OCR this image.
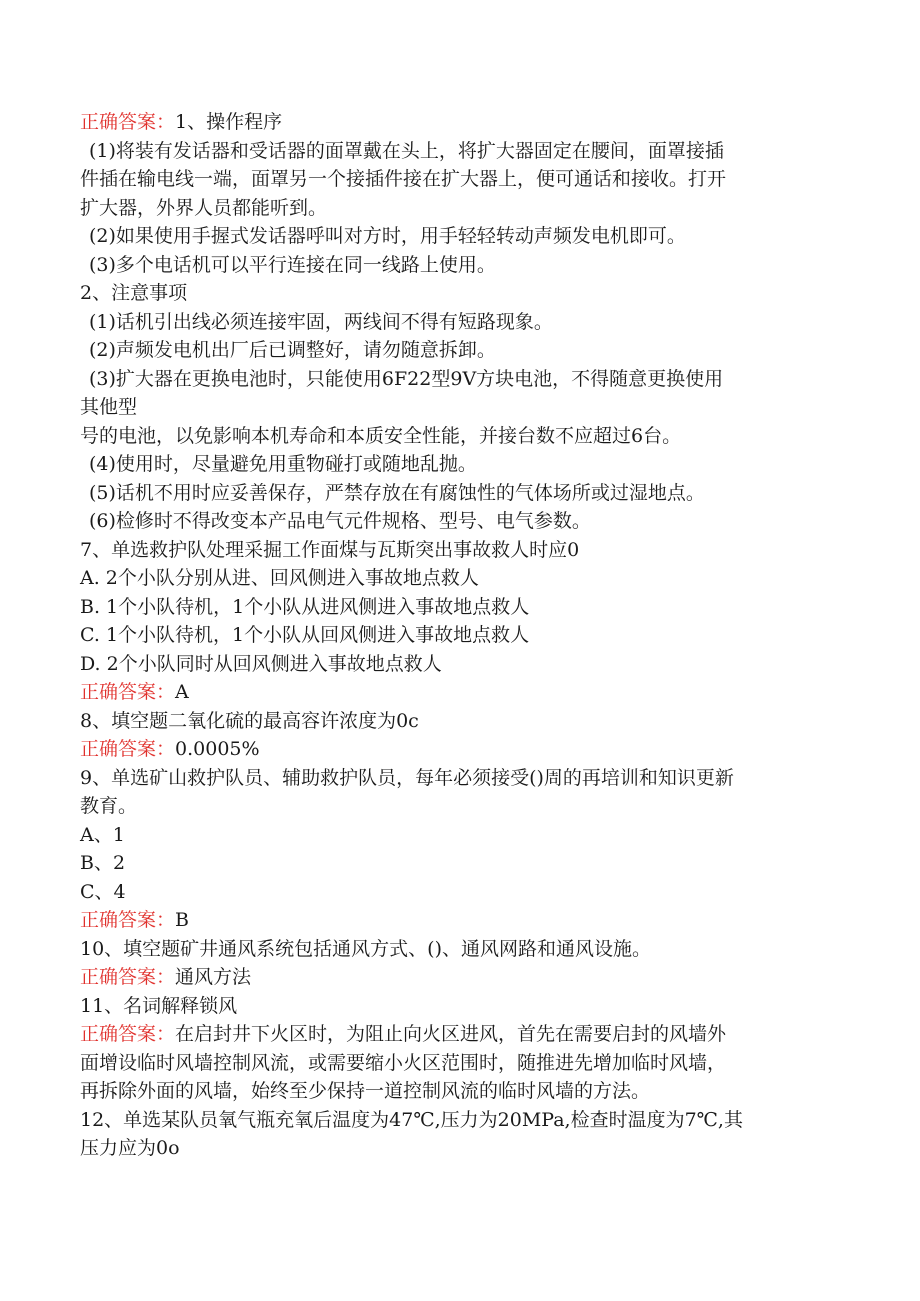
正确答案：1、操作程序
(1)将装有发话器和受话器的面罩戴在头上，将扩大器固定在腰间，面罩接插
件插在输电线一端，面罩另一个接插件接在扩大器上，便可通话和接收。打开
扩大器，外界人员都能听到。
(2)如果使用手握式发话器呼叫对方时，用手轻轻转动声频发电机即可。
(3)多个电话机可以平行连接在同一线路上使用。
2、注意事项
(1)话机引出线必须连接牢固，两线间不得有短路现象。
(2)声频发电机出厂后已调整好，请勿随意拆卸。
(3)扩大器在更换电池时，只能使用6F22型9V方块电池，不得随意更换使用
其他型
号的电池，以免影响本机寿命和本质安全性能，并接台数不应超过6台。
(4)使用时，尽量避免用重物碰打或随地乱抛。
(5)话机不用时应妥善保存，严禁存放在有腐蚀性的气体场所或过湿地点。
(6)检修时不得改变本产品电气元件规格、型号、电气参数。
7、单选救护队处理采掘工作面煤与瓦斯突出事故救人时应0
A. 2个小队分别从进、回风侧进入事故地点救人
B. 1个小队待机，1个小队从进风侧进入事故地点救人
C. 1个小队待机，1个小队从回风侧进入事故地点救人
D. 2个小队同时从回风侧进入事故地点救人
正确答案：A
8、填空题二氧化硫的最高容许浓度为0c
正确答案：0.0005%
9、单选矿山救护队员、辅助救护队员，每年必须接受()周的再培训和知识更新
教育。
A、1
B、2
C、4
正确答案：B
10、填空题矿井通风系统包括通风方式、()、通风网路和通风设施。
正确答案：通风方法
11、名词解释锁风
正确答案：在启封井下火区时，为阻止向火区进风，首先在需要启封的风墙外
面增设临时风墙控制风流，或需要缩小火区范围时，随推进先增加临时风墙，
再拆除外面的风墙，始终至少保持一道控制风流的临时风墙的方法。
12、单选某队员氧气瓶充氧后温度为47℃,压力为20MPa,检查时温度为7℃,其
压力应为0o
